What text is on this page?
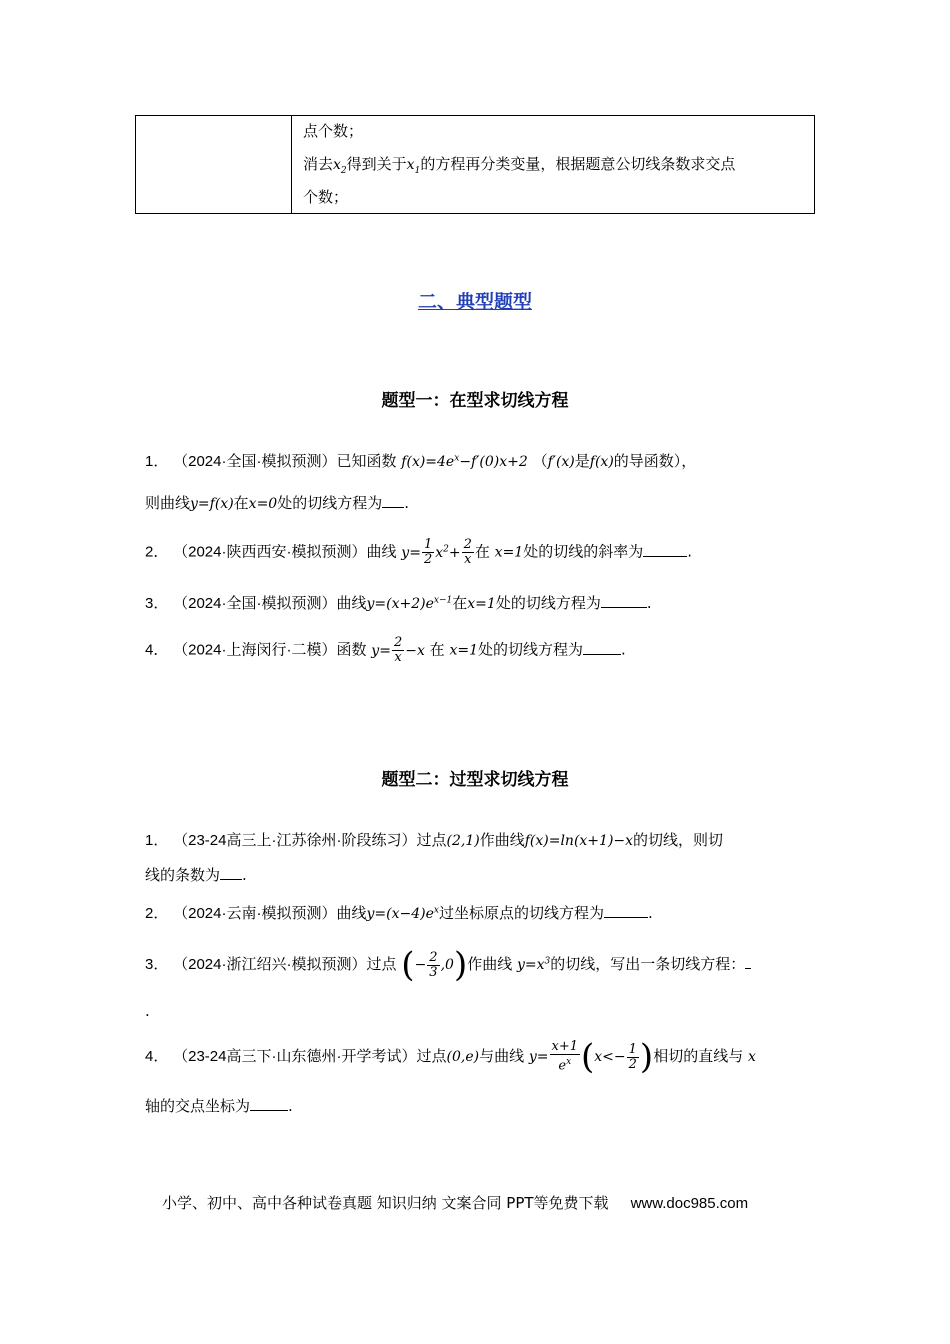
点个数；
消去$x_2$得到关于$x_1$的方程再分类变量，根据题意公切线条数求交点
个数；
二、典型题型
题型一：在型求切线方程
1． （2024·全国·模拟预测）已知函数 $f(x)=4e^x-f'(0)x+2$ （f′(x)是f(x)的导函数），
则曲线y=f(x)在x=0处的切线方程为 .
2． （2024·陕西西安·模拟预测）曲线 $y= \frac{1}{2} x^2+ \frac{2}{x}$ 在 x=1处的切线的斜率为	.
3． （2024·全国·模拟预测）曲线$y=(x+2)e^{x-1}$在x=1处的切线方程为	.
4． （2024·上海闵行·二模）函数 $y= \frac{2}{x} -x$ 在 x=1处的切线方程为	.
题型二：过型求切线方程
1． （23-24高三上·江苏徐州·阶段练习）过点(2,1)作曲线f(x)=ln(x+1)−x的切线，则切
线的条数为 .
2． （2024·云南·模拟预测）曲线$y=(x-4)e^x$过坐标原点的切线方程为	.
3． （2024·浙江绍兴·模拟预测）过点 (− $\frac{2}{3} ,0$)作曲线 $y=x^3$的切线，写出一条切线方程：
.
4． （23-24高三下·山东德州·开学考试）过点(0,e)与曲线 $y= \frac{x+1}{e^x} (x<- \frac{1}{2}$ )相切的直线与 x
轴的交点坐标为	.
小学、初中、高中各种试卷真题 知识归纳 文案合同 PPT等免费下载 www.doc985.com
